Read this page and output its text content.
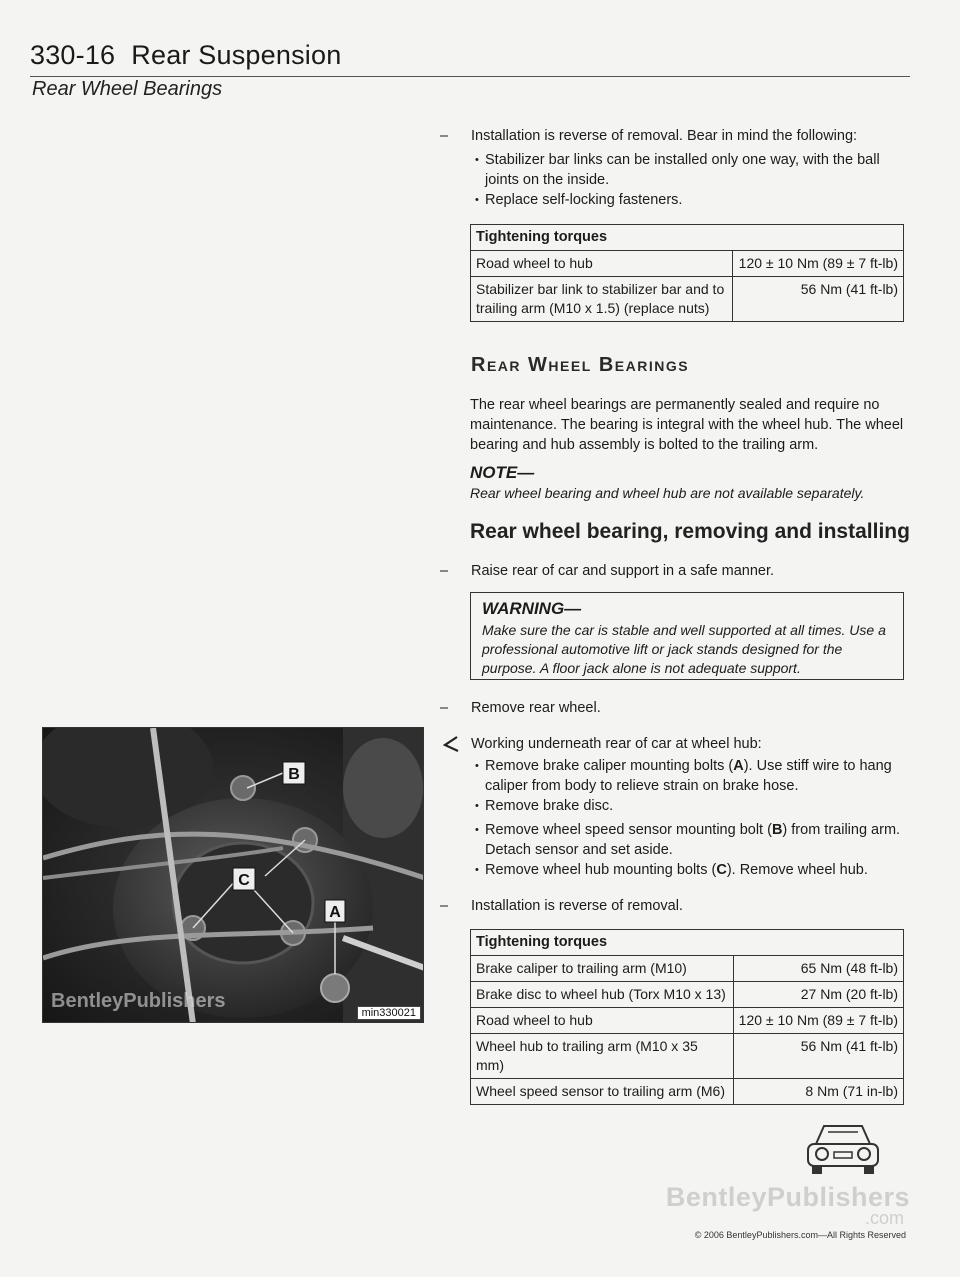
330-16 Rear Suspension
Rear Wheel Bearings
– Installation is reverse of removal. Bear in mind the following:
• Stabilizer bar links can be installed only one way, with the ball joints on the inside.
• Replace self-locking fasteners.
Tightening torques	
Road wheel to hub	120 ± 10 Nm (89 ± 7 ft-lb)
Stabilizer bar link to stabilizer bar and to trailing arm (M10 x 1.5) (replace nuts)	56 Nm (41 ft-lb)
Rear Wheel Bearings
The rear wheel bearings are permanently sealed and require no maintenance. The bearing is integral with the wheel hub. The wheel bearing and hub assembly is bolted to the trailing arm.
NOTE—
Rear wheel bearing and wheel hub are not available separately.
Rear wheel bearing, removing and installing
– Raise rear of car and support in a safe manner.
WARNING—
Make sure the car is stable and well supported at all times. Use a professional automotive lift or jack stands designed for the purpose. A floor jack alone is not adequate support.
– Remove rear wheel.
Working underneath rear of car at wheel hub:
• Remove brake caliper mounting bolts (A). Use stiff wire to hang caliper from body to relieve strain on brake hose.
• Remove brake disc.
• Remove wheel speed sensor mounting bolt (B) from trailing arm. Detach sensor and set aside.
• Remove wheel hub mounting bolts (C). Remove wheel hub.
– Installation is reverse of removal.
Tightening torques	
Brake caliper to trailing arm (M10)	65 Nm (48 ft-lb)
Brake disc to wheel hub (Torx M10 x 13)	27 Nm (20 ft-lb)
Road wheel to hub	120 ± 10 Nm (89 ± 7 ft-lb)
Wheel hub to trailing arm (M10 x 35 mm)	56 Nm (41 ft-lb)
Wheel speed sensor to trailing arm (M6)	8 Nm (71 in-lb)
B
C
A
BentleyPublishers
min330021
BentleyPublishers
.com
© 2006 BentleyPublishers.com—All Rights Reserved
